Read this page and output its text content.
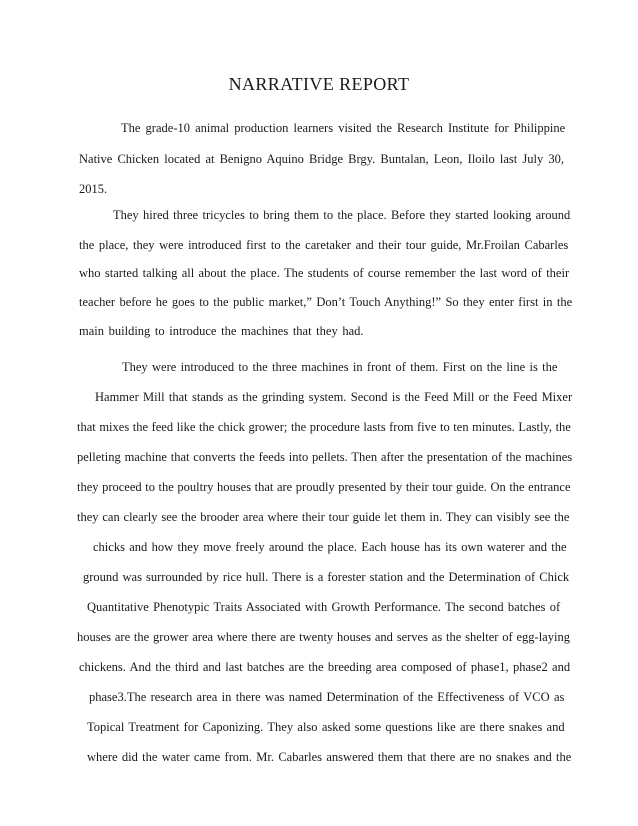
NARRATIVE REPORT
The grade-10 animal production learners visited the Research Institute for Philippine
Native Chicken located at Benigno Aquino Bridge Brgy. Buntalan, Leon, Iloilo last July 30,
2015.
They hired three tricycles to bring them to the place. Before they started looking around
the place, they were introduced first to the caretaker and their tour guide, Mr.Froilan Cabarles
who started talking all about the place. The students of course remember the last word of their
teacher before he goes to the public market,” Don’t Touch Anything!” So they enter first in the
main building to introduce the machines that they had.
They were introduced to the three machines in front of them. First on the line is the
Hammer Mill that stands as the grinding system. Second is the Feed Mill or the Feed Mixer
that mixes the feed like the chick grower; the procedure lasts from five to ten minutes. Lastly, the
pelleting machine that converts the feeds into pellets. Then after the presentation of the machines
they proceed to the poultry houses that are proudly presented by their tour guide. On the entrance
they can clearly see the brooder area where their tour guide let them in. They can visibly see the
chicks and how they move freely around the place. Each house has its own waterer and the
ground was surrounded by rice hull. There is a forester station and the Determination of Chick
Quantitative Phenotypic Traits Associated with Growth Performance. The second batches of
houses are the grower area where there are twenty houses and serves as the shelter of egg-laying
chickens. And the third and last batches are the breeding area composed of phase1, phase2 and
phase3.The research area in there was named Determination of the Effectiveness of VCO as
Topical Treatment for Caponizing. They also asked some questions like are there snakes and
where did the water came from. Mr. Cabarles answered them that there are no snakes and the
